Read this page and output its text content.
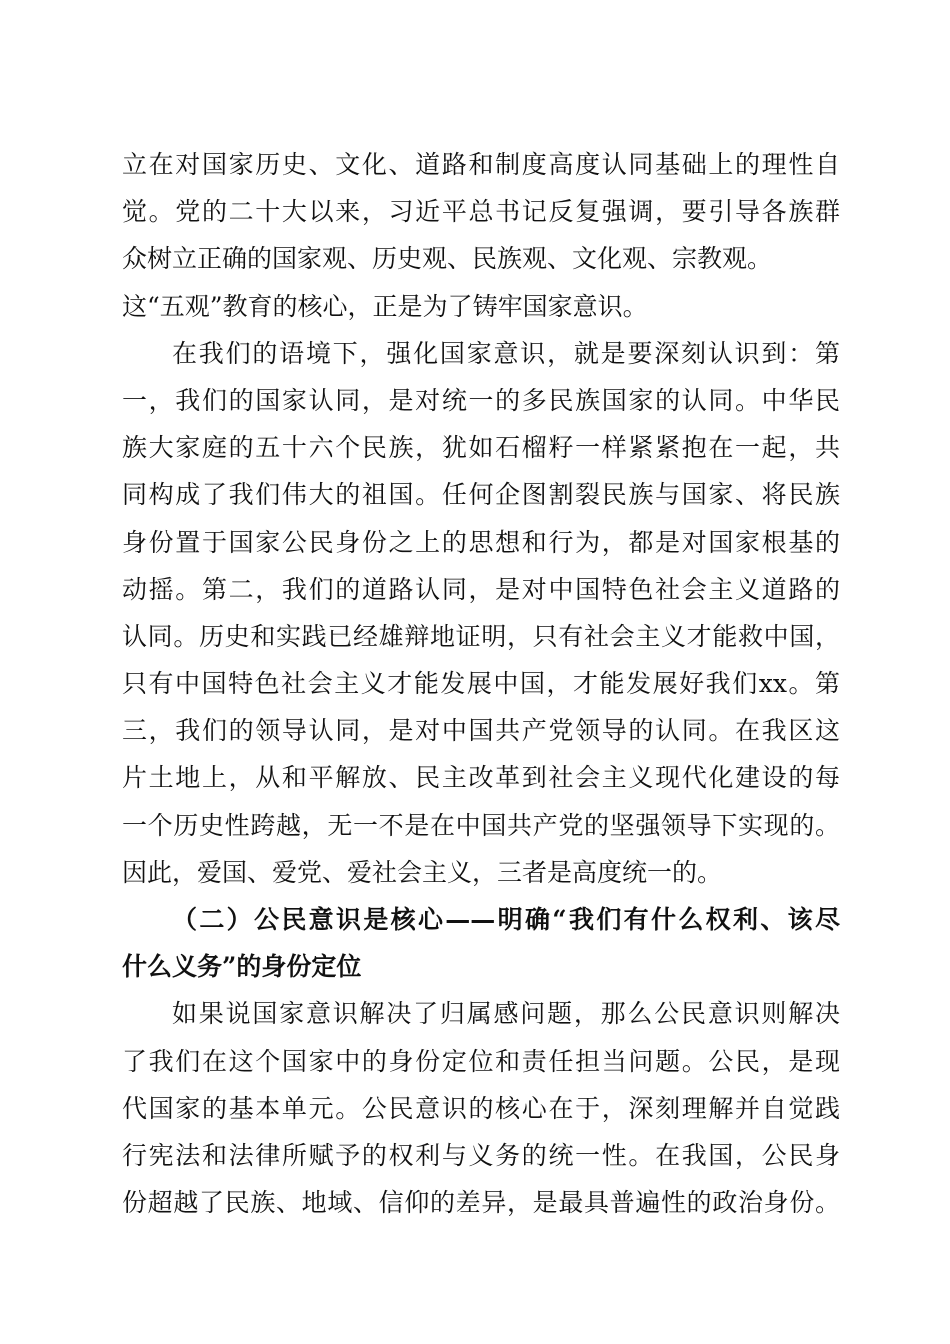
立在对国家历史、文化、道路和制度高度认同基础上的理性自
觉。党的二十大以来，习近平总书记反复强调，要引导各族群
众树立正确的国家观、历史观、民族观、文化观、宗教观。
这“五观”教育的核心，正是为了铸牢国家意识。
在我们的语境下，强化国家意识，就是要深刻认识到：第
一，我们的国家认同，是对统一的多民族国家的认同。中华民
族大家庭的五十六个民族，犹如石榴籽一样紧紧抱在一起，共
同构成了我们伟大的祖国。任何企图割裂民族与国家、将民族
身份置于国家公民身份之上的思想和行为，都是对国家根基的
动摇。第二，我们的道路认同，是对中国特色社会主义道路的
认同。历史和实践已经雄辩地证明，只有社会主义才能救中国，
只有中国特色社会主义才能发展中国，才能发展好我们xx。第
三，我们的领导认同，是对中国共产党领导的认同。在我区这
片土地上，从和平解放、民主改革到社会主义现代化建设的每
一个历史性跨越，无一不是在中国共产党的坚强领导下实现的。
因此，爱国、爱党、爱社会主义，三者是高度统一的。
（二）公民意识是核心——明确“我们有什么权利、该尽
什么义务”的身份定位
如果说国家意识解决了归属感问题，那么公民意识则解决
了我们在这个国家中的身份定位和责任担当问题。公民，是现
代国家的基本单元。公民意识的核心在于，深刻理解并自觉践
行宪法和法律所赋予的权利与义务的统一性。在我国，公民身
份超越了民族、地域、信仰的差异，是最具普遍性的政治身份。
